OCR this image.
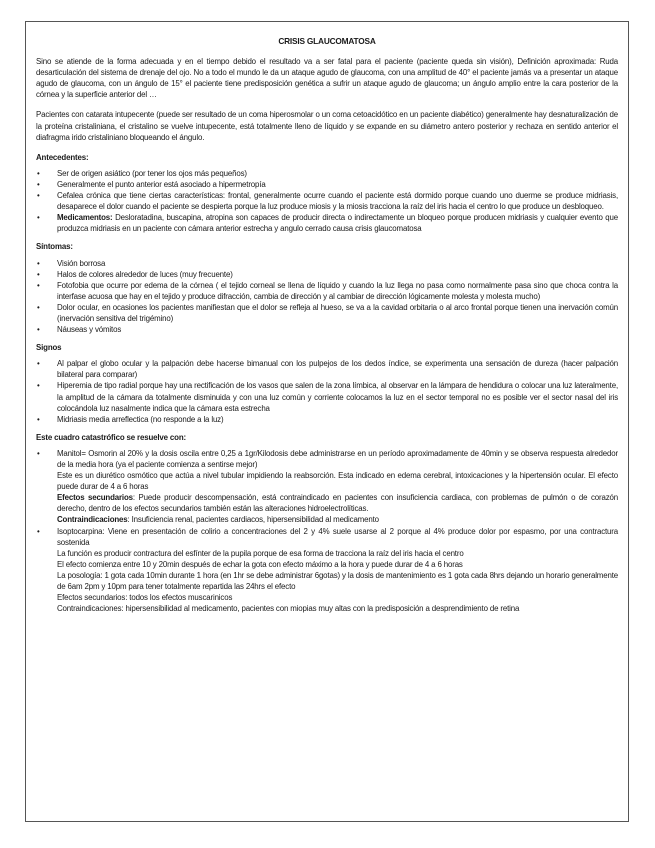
CRISIS GLAUCOMATOSA

Sino se atiende de la forma adecuada y en el tiempo debido el resultado va a ser fatal para el paciente (paciente queda sin visión), Definición aproximada: Ruda desarticulación del sistema de drenaje del ojo. No a todo el mundo le da un ataque agudo de glaucoma, con una amplitud de 40° el paciente jamás va a presentar un ataque agudo de glaucoma, con un ángulo de 15° el paciente tiene predisposición genética a sufrir un ataque agudo de glaucoma; un ángulo amplio entre la cara posterior de la córnea y la superficie anterior del …

Pacientes con catarata intupecente (puede ser resultado de un coma hiperosmolar o un coma cetoacidótico en un paciente diabético) generalmente hay desnaturalización de la proteína cristaliniana, el cristalino se vuelve intupecente, está totalmente lleno de líquido y se expande en su diámetro antero posterior y rechaza en sentido anterior el diafragma irido cristaliniano bloqueando el ángulo.

Antecedentes:
• Ser de origen asiático (por tener los ojos más pequeños)
• Generalmente el punto anterior está asociado a hipermetropía
• Cefalea crónica que tiene ciertas características: frontal, generalmente ocurre cuando el paciente está dormido porque cuando uno duerme se produce midriasis, desaparece el dolor cuando el paciente se despierta porque la luz produce miosis y la miosis tracciona la raíz del iris hacia el centro lo que produce un desbloqueo.
• Medicamentos: Desloratadina, buscapina, atropina son capaces de producir directa o indirectamente un bloqueo porque producen midriasis y cualquier evento que produzca midriasis en un paciente con cámara anterior estrecha y angulo cerrado causa crisis glaucomatosa
Síntomas:
• Visión borrosa
• Halos de colores alrededor de luces (muy frecuente)
• Fotofobia que ocurre por edema de la córnea ( el tejido corneal se llena de líquido y cuando la luz llega no pasa como normalmente pasa sino que choca contra la interfase acuosa que hay en el tejido y produce difracción, cambia de dirección y al cambiar de dirección lógicamente molesta y molesta mucho)
• Dolor ocular, en ocasiones los pacientes manifiestan que el dolor se refleja al hueso, se va a la cavidad orbitaria o al arco frontal porque tienen una inervación común (inervación sensitiva del trigémino)
• Náuseas y vómitos
Signos
• Al palpar el globo ocular y la palpación debe hacerse bimanual con los pulpejos de los dedos índice, se experimenta una sensación de dureza (hacer palpación bilateral para comparar)
• Hiperemia de tipo radial porque hay una rectificación de los vasos que salen de la zona límbica, al observar en la lámpara de hendidura o colocar una luz lateralmente, la amplitud de la cámara da totalmente disminuida y con una luz común y corriente colocamos la luz en el sector temporal no es posible ver el sector nasal del iris colocándola luz nasalmente indica que la cámara esta estrecha
• Midriasis media arreflectica (no responde a la luz)
Este cuadro catastrófico se resuelve con:
• Manitol= Osmorin al 20% y la dosis oscila entre 0,25 a 1gr/Kilodosis debe administrarse en un período aproximadamente de 40min y se observa respuesta alrededor de la media hora (ya el paciente comienza a sentirse mejor)
Este es un diurético osmótico que actúa a nivel tubular impidiendo la reabsorción. Esta indicado en edema cerebral, intoxicaciones y la hipertensión ocular. El efecto puede durar de 4 a 6 horas
Efectos secundarios: Puede producir descompensación, está contraindicado en pacientes con insuficiencia cardiaca, con problemas de pulmón o de corazón derecho, dentro de los efectos secundarios también están las alteraciones hidroelectrolíticas.
Contraindicaciones: Insuficiencia renal, pacientes cardiacos, hipersensibilidad al medicamento
• Isoptocarpina: Viene en presentación de colirio a concentraciones del 2 y 4% suele usarse al 2 porque al 4% produce dolor por espasmo, por una contractura sostenida
La función es producir contractura del esfínter de la pupila porque de esa forma de tracciona la raíz del iris hacia el centro
El efecto comienza entre 10 y 20min después de echar la gota con efecto máximo a la hora y puede durar de 4 a 6 horas
La posología: 1 gota cada 10min durante 1 hora (en 1hr se debe administrar 6gotas) y la dosis de mantenimiento es 1 gota cada 8hrs dejando un horario generalmente de 6am 2pm y 10pm para tener totalmente repartida las 24hrs el efecto
Efectos secundarios: todos los efectos muscarinicos
Contraindicaciones: hipersensibilidad al medicamento, pacientes con miopias muy altas con la predisposición a desprendimiento de retina
